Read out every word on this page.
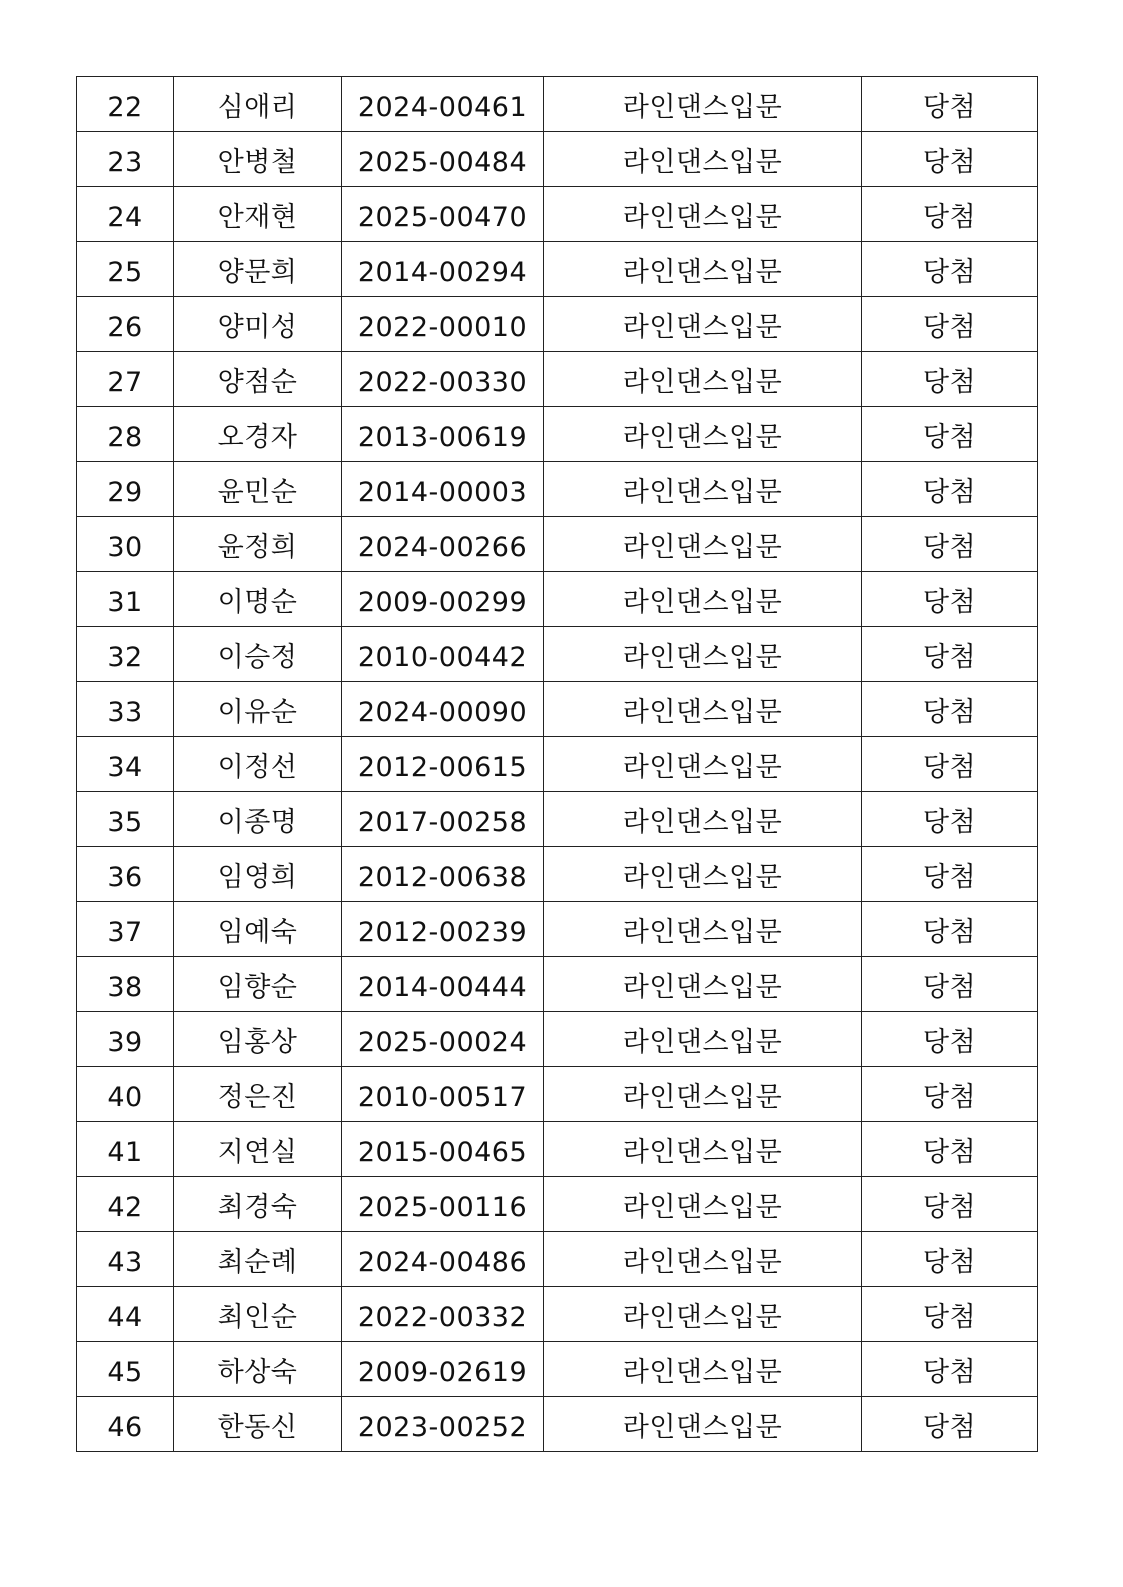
22	심애리	2024-00461	라인댄스입문	당첨
23	안병철	2025-00484	라인댄스입문	당첨
24	안재현	2025-00470	라인댄스입문	당첨
25	양문희	2014-00294	라인댄스입문	당첨
26	양미성	2022-00010	라인댄스입문	당첨
27	양점순	2022-00330	라인댄스입문	당첨
28	오경자	2013-00619	라인댄스입문	당첨
29	윤민순	2014-00003	라인댄스입문	당첨
30	윤정희	2024-00266	라인댄스입문	당첨
31	이명순	2009-00299	라인댄스입문	당첨
32	이승정	2010-00442	라인댄스입문	당첨
33	이유순	2024-00090	라인댄스입문	당첨
34	이정선	2012-00615	라인댄스입문	당첨
35	이종명	2017-00258	라인댄스입문	당첨
36	임영희	2012-00638	라인댄스입문	당첨
37	임예숙	2012-00239	라인댄스입문	당첨
38	임향순	2014-00444	라인댄스입문	당첨
39	임홍상	2025-00024	라인댄스입문	당첨
40	정은진	2010-00517	라인댄스입문	당첨
41	지연실	2015-00465	라인댄스입문	당첨
42	최경숙	2025-00116	라인댄스입문	당첨
43	최순례	2024-00486	라인댄스입문	당첨
44	최인순	2022-00332	라인댄스입문	당첨
45	하상숙	2009-02619	라인댄스입문	당첨
46	한동신	2023-00252	라인댄스입문	당첨
